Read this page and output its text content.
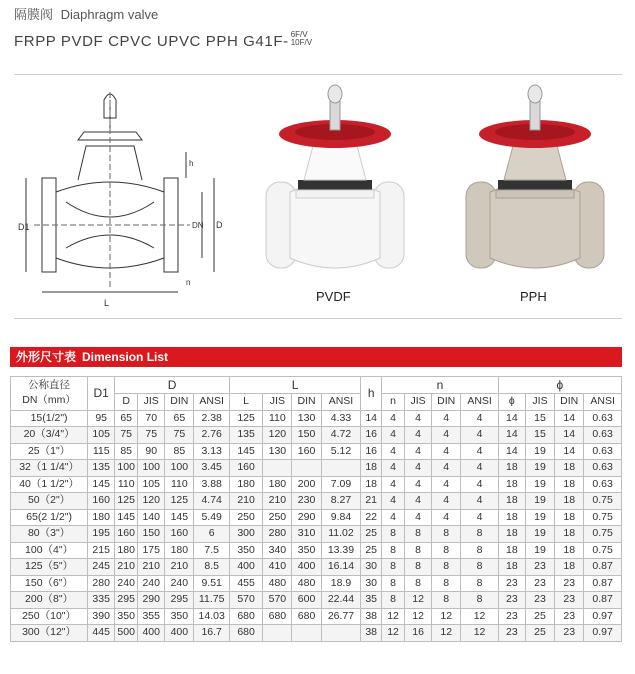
隔膜阀 Diaphragm valve
FRPP PVDF CPVC UPVC PPH G41F- 6F/V
10F/V
D1
L
DN D
h
n
PVDF	PPH
外形尺寸表 Dimension List
公称直径
DN（mm）	D1	D				L				h	n				ϕ			
		D	JIS	DIN	ANSI	L	JIS	DIN	ANSI		n	JIS	DIN	ANSI	ϕ	JIS	DIN	ANSI
15(1/2")	95	65	70	65	2.38	125	110	130	4.33	14	4	4	4	4	14	15	14	0.63
20（3/4"）	105	75	75	75	2.76	135	120	150	4.72	16	4	4	4	4	14	15	14	0.63
25（1"）	115	85	90	85	3.13	145	130	160	5.12	16	4	4	4	4	14	19	14	0.63
32（1 1/4"）	135	100	100	100	3.45	160				18	4	4	4	4	18	19	18	0.63
40（1 1/2"）	145	110	105	110	3.88	180	180	200	7.09	18	4	4	4	4	18	19	18	0.63
50（2"）	160	125	120	125	4.74	210	210	230	8.27	21	4	4	4	4	18	19	18	0.75
65(2 1/2")	180	145	140	145	5.49	250	250	290	9.84	22	4	4	4	4	18	19	18	0.75
80（3"）	195	160	150	160	6	300	280	310	11.02	25	8	8	8	8	18	19	18	0.75
100（4"）	215	180	175	180	7.5	350	340	350	13.39	25	8	8	8	8	18	19	18	0.75
125（5"）	245	210	210	210	8.5	400	410	400	16.14	30	8	8	8	8	18	23	18	0.87
150（6"）	280	240	240	240	9.51	455	480	480	18.9	30	8	8	8	8	23	23	23	0.87
200（8"）	335	295	290	295	11.75	570	570	600	22.44	35	8	12	8	8	23	23	23	0.87
250（10"）	390	350	355	350	14.03	680	680	680	26.77	38	12	12	12	12	23	25	23	0.97
300（12"）	445	500	400	400	16.7	680				38	12	16	12	12	23	25	23	0.97
